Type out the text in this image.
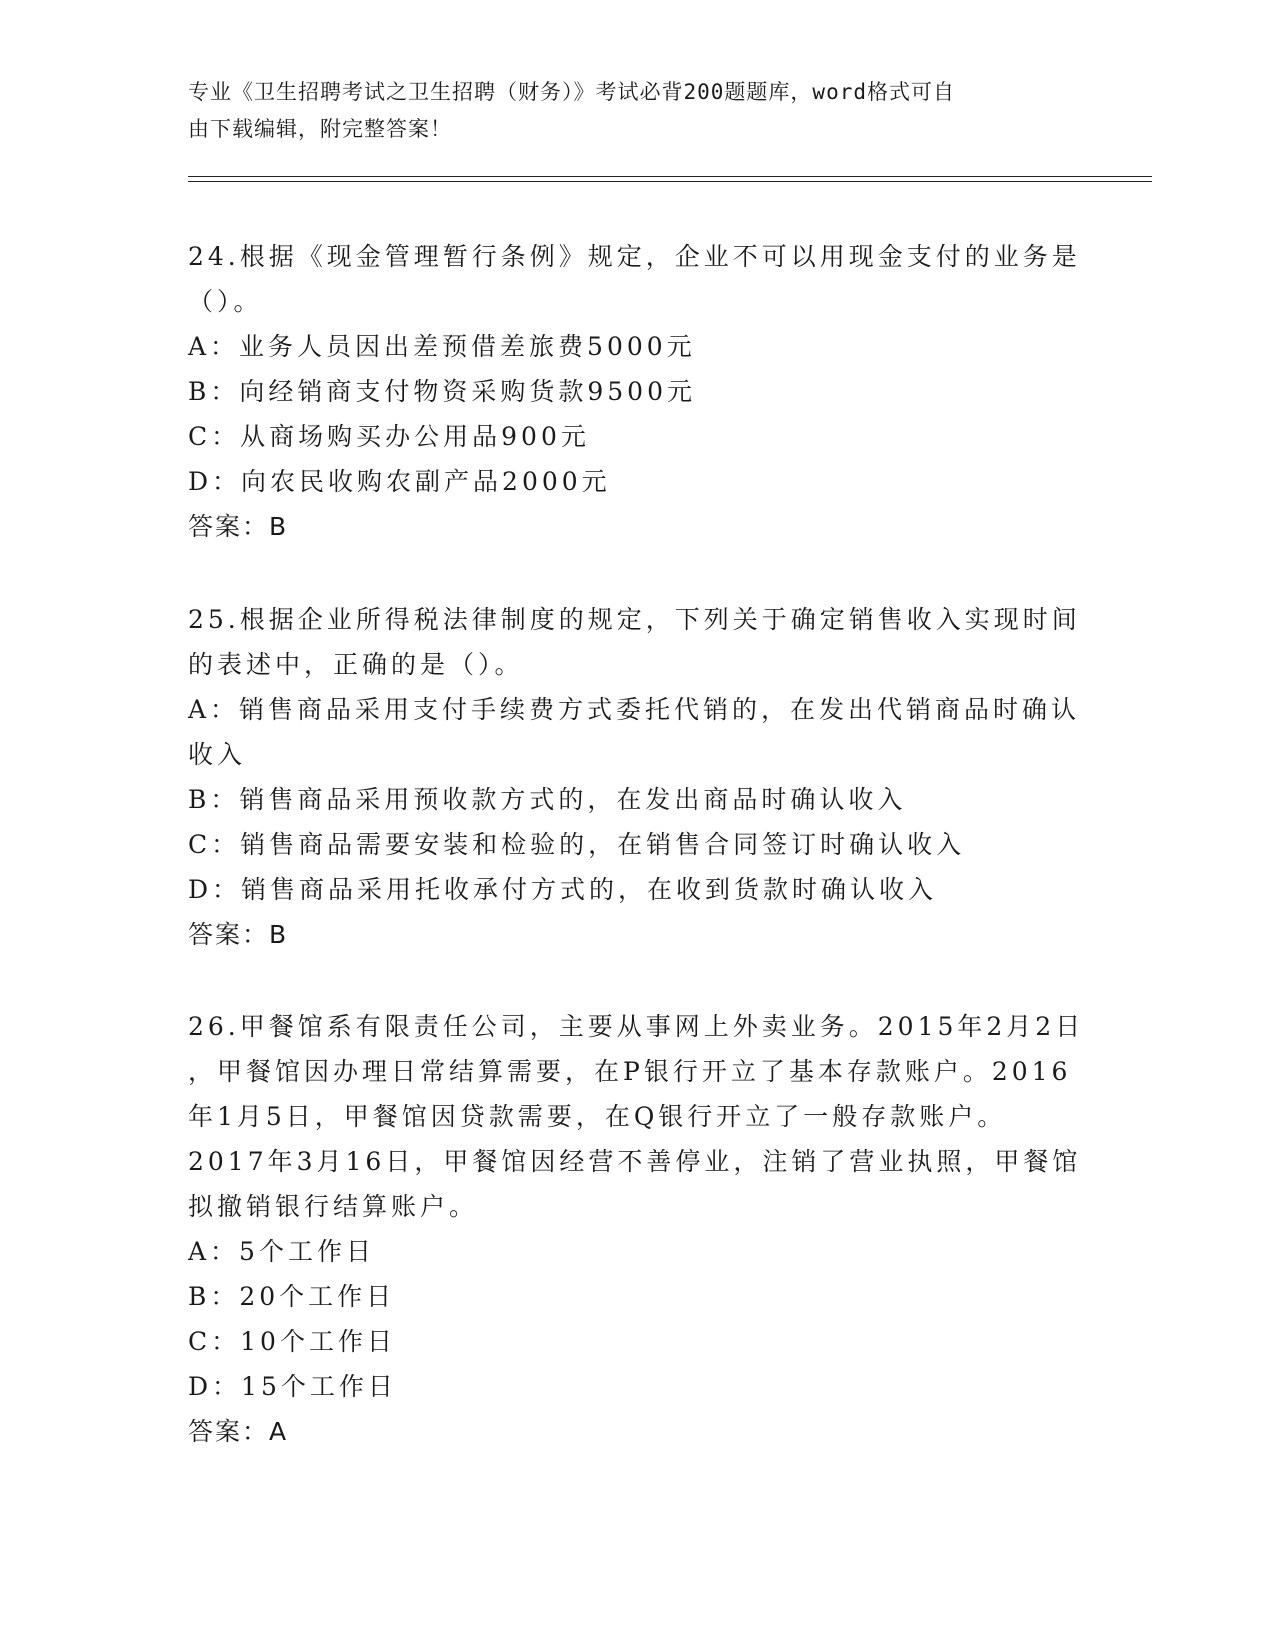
专业《卫生招聘考试之卫生招聘（财务）》考试必背200题题库，word格式可自
由下载编辑，附完整答案！
24.根据《现金管理暂行条例》规定，企业不可以用现金支付的业务是
（）。
A：业务人员因出差预借差旅费5000元
B：向经销商支付物资采购货款9500元
C：从商场购买办公用品900元
D：向农民收购农副产品2000元
答案：B
25.根据企业所得税法律制度的规定，下列关于确定销售收入实现时间
的表述中，正确的是（）。
A：销售商品采用支付手续费方式委托代销的，在发出代销商品时确认
收入
B：销售商品采用预收款方式的，在发出商品时确认收入
C：销售商品需要安装和检验的，在销售合同签订时确认收入
D：销售商品采用托收承付方式的，在收到货款时确认收入
答案：B
26.甲餐馆系有限责任公司，主要从事网上外卖业务。2015年2月2日
，甲餐馆因办理日常结算需要，在P银行开立了基本存款账户。2016
年1月5日，甲餐馆因贷款需要，在Q银行开立了一般存款账户。
2017年3月16日，甲餐馆因经营不善停业，注销了营业执照，甲餐馆
拟撤销银行结算账户。
A：5个工作日
B：20个工作日
C：10个工作日
D：15个工作日
答案：A
